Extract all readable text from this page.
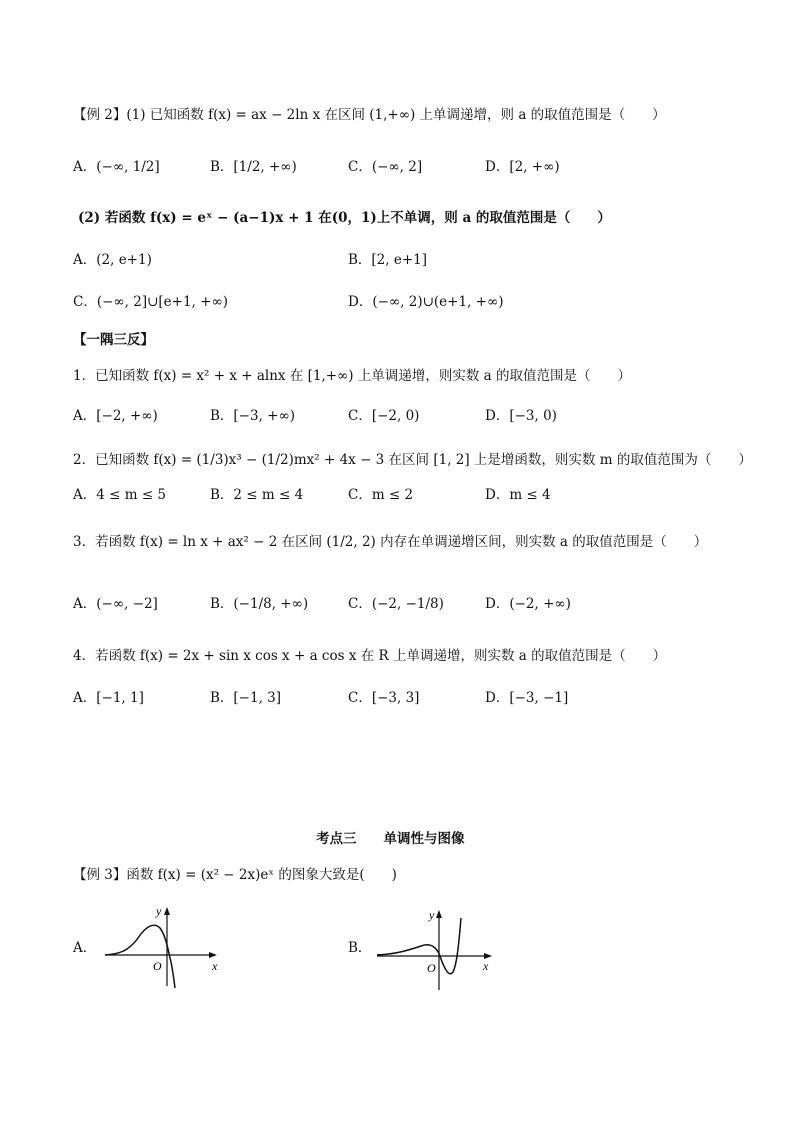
【例 2】(1) 已知函数 f(x) = ax − 2ln x 在区间 (1,+∞) 上单调递增，则 a 的取值范围是（　　）
A．(−∞, 1/2]	B．[1/2, +∞)	C．(−∞, 2]	D．[2, +∞)
(2) 若函数 f(x) = eˣ − (a−1)x + 1 在(0，1)上不单调，则 a 的取值范围是（　　）
A．(2, e+1)	B．[2, e+1]
C．(−∞, 2]∪[e+1, +∞)	D．(−∞, 2)∪(e+1, +∞)
【一隅三反】
1．已知函数 f(x) = x² + x + alnx 在 [1,+∞) 上单调递增，则实数 a 的取值范围是（　　）
A．[−2, +∞)	B．[−3, +∞)	C．[−2, 0)	D．[−3, 0)
2．已知函数 f(x) = (1/3)x³ − (1/2)mx² + 4x − 3 在区间 [1, 2] 上是增函数，则实数 m 的取值范围为（　　）
A．4 ≤ m ≤ 5	B．2 ≤ m ≤ 4	C．m ≤ 2	D．m ≤ 4
3．若函数 f(x) = ln x + ax² − 2 在区间 (1/2, 2) 内存在单调递增区间，则实数 a 的取值范围是（　　）
A．(−∞, −2]	B．(−1/8, +∞)	C．(−2, −1/8)	D．(−2, +∞)
4．若函数 f(x) = 2x + sin x cos x + a cos x 在 R 上单调递增，则实数 a 的取值范围是（　　）
A．[−1, 1]	B．[−1, 3]	C．[−3, 3]	D．[−3, −1]
考点三　　单调性与图像
【例 3】函数 f(x) = (x² − 2x)eˣ 的图象大致是(　　)
A．
x
y
O
B．
x
y
O
